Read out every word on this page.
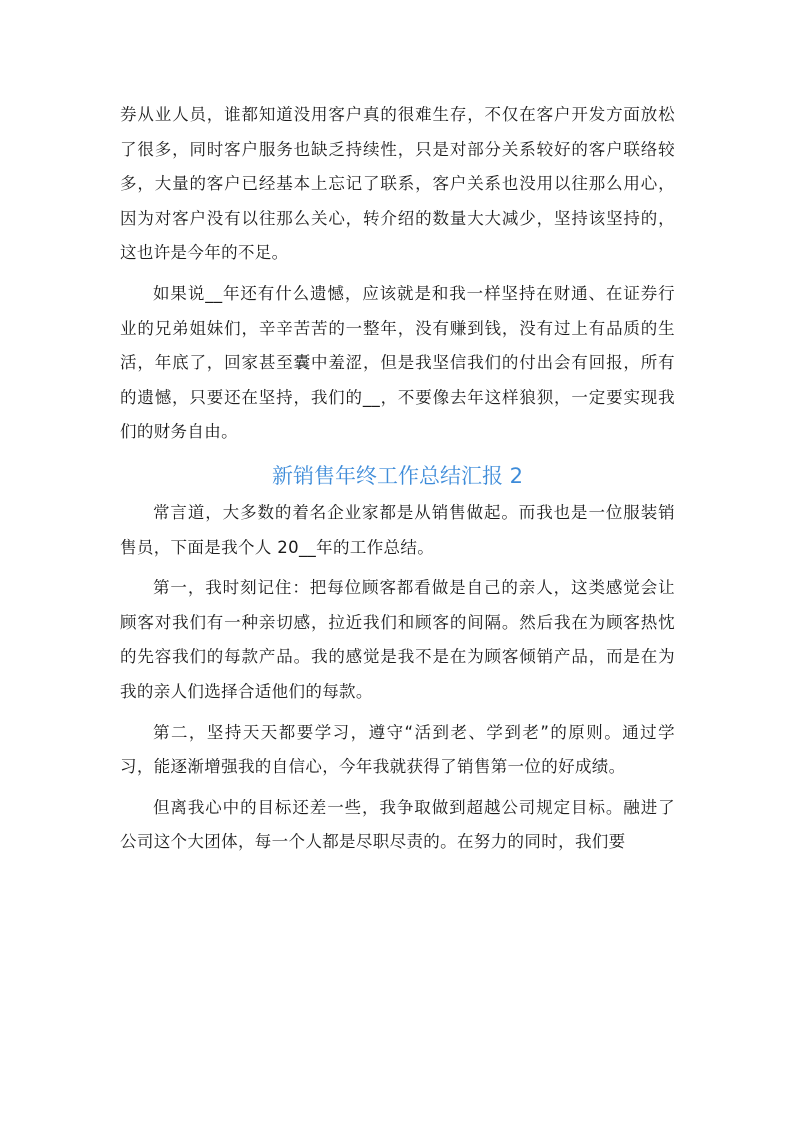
券从业人员，谁都知道没用客户真的很难生存，不仅在客户开发方面放松了很多，同时客户服务也缺乏持续性，只是对部分关系较好的客户联络较多，大量的客户已经基本上忘记了联系，客户关系也没用以往那么用心，因为对客户没有以往那么关心，转介绍的数量大大减少，坚持该坚持的，这也许是今年的不足。

如果说__年还有什么遗憾，应该就是和我一样坚持在财通、在证券行业的兄弟姐妹们，辛辛苦苦的一整年，没有赚到钱，没有过上有品质的生活，年底了，回家甚至囊中羞涩，但是我坚信我们的付出会有回报，所有的遗憾，只要还在坚持，我们的__，不要像去年这样狼狈，一定要实现我们的财务自由。

新销售年终工作总结汇报 2

常言道，大多数的着名企业家都是从销售做起。而我也是一位服装销售员，下面是我个人 20__年的工作总结。

第一，我时刻记住：把每位顾客都看做是自己的亲人，这类感觉会让顾客对我们有一种亲切感，拉近我们和顾客的间隔。然后我在为顾客热忱的先容我们的每款产品。我的感觉是我不是在为顾客倾销产品，而是在为我的亲人们选择合适他们的每款。

第二，坚持天天都要学习，遵守“活到老、学到老”的原则。通过学习，能逐渐增强我的自信心，今年我就获得了销售第一位的好成绩。

但离我心中的目标还差一些，我争取做到超越公司规定目标。融进了公司这个大团体，每一个人都是尽职尽责的。在努力的同时，我们要
